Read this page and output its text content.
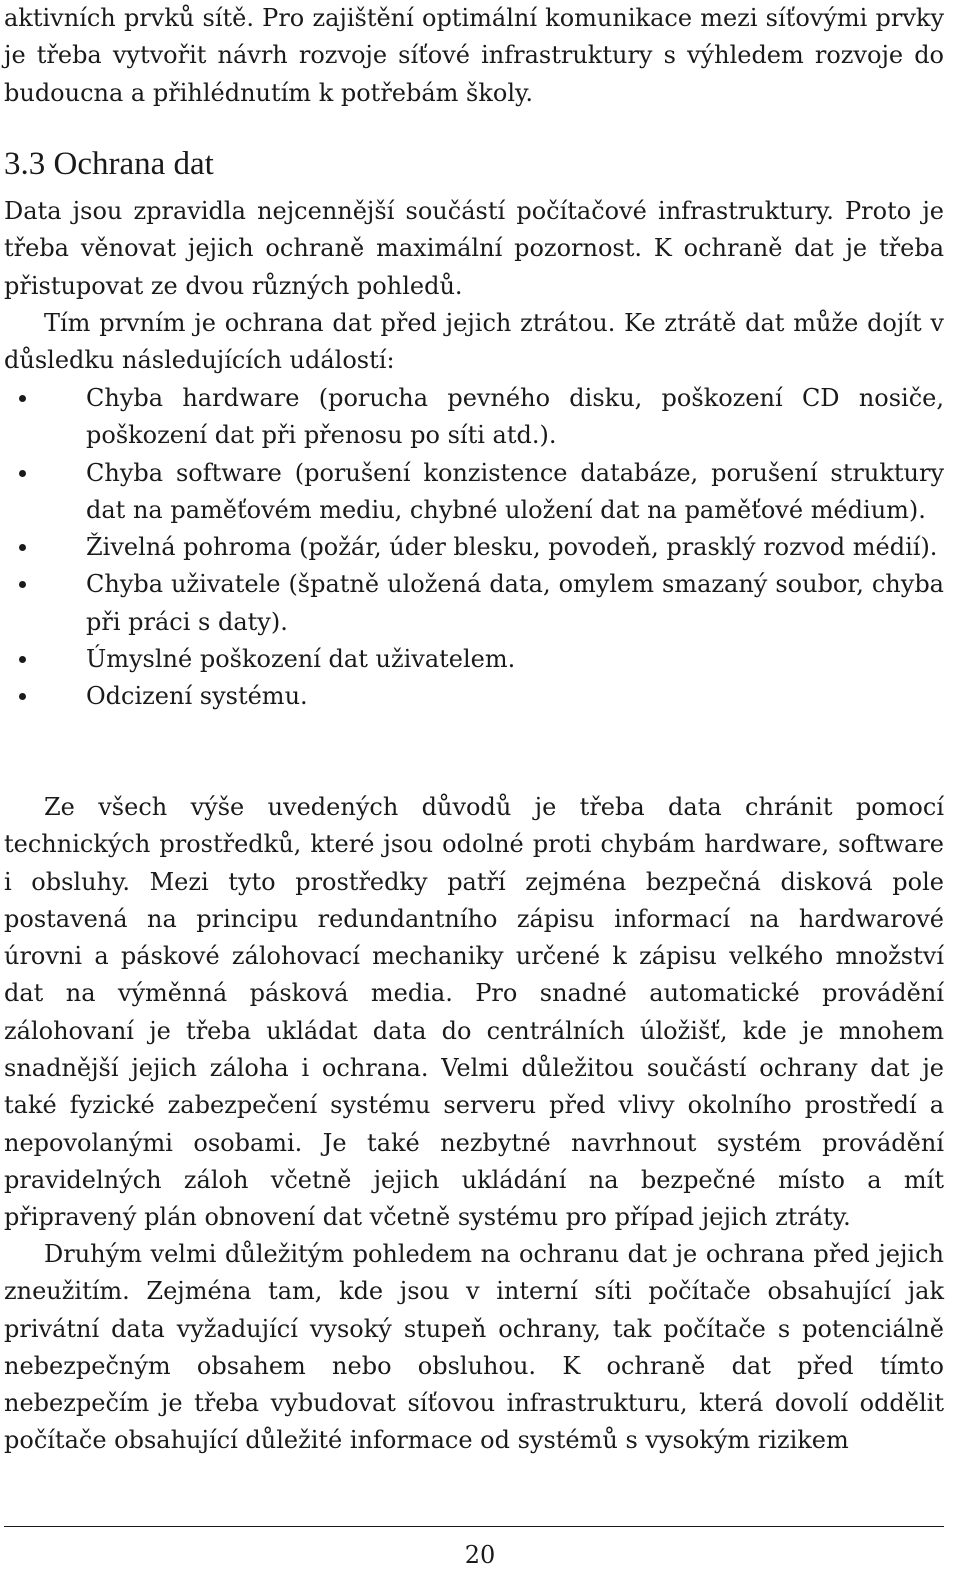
aktivních prvků sítě. Pro zajištění optimální komunikace mezi síťovými prvky je třeba vytvořit návrh rozvoje síťové infrastruktury s výhledem rozvoje do budoucna a přihlédnutím k potřebám školy.

3.3 Ochrana dat

Data jsou zpravidla nejcennější součástí počítačové infrastruktury. Proto je třeba věnovat jejich ochraně maximální pozornost. K ochraně dat je třeba přistupovat ze dvou různých pohledů.

Tím prvním je ochrana dat před jejich ztrátou. Ke ztrátě dat může dojít v důsledku následujících událostí:

Chyba hardware (porucha pevného disku, poškození CD nosiče, poškození dat při přenosu po síti atd.).
Chyba software (porušení konzistence databáze, porušení struktury dat na paměťovém mediu, chybné uložení dat na paměťové médium).
Živelná pohroma (požár, úder blesku, povodeň, prasklý rozvod médií).
Chyba uživatele (špatně uložená data, omylem smazaný soubor, chyba při práci s daty).
Úmyslné poškození dat uživatelem.
Odcizení systému.

Ze všech výše uvedených důvodů je třeba data chránit pomocí technických prostředků, které jsou odolné proti chybám hardware, software i obsluhy. Mezi tyto prostředky patří zejména bezpečná disková pole postavená na principu redundantního zápisu informací na hardwarové úrovni a páskové zálohovací mechaniky určené k zápisu velkého množství dat na výměnná pásková media. Pro snadné automatické provádění zálohovaní je třeba ukládat data do centrálních úložišť, kde je mnohem snadnější jejich záloha i ochrana. Velmi důležitou součástí ochrany dat je také fyzické zabezpečení systému serveru před vlivy okolního prostředí a nepovolanými osobami. Je také nezbytné navrhnout systém provádění pravidelných záloh včetně jejich ukládání na bezpečné místo a mít připravený plán obnovení dat včetně systému pro případ jejich ztráty.

Druhým velmi důležitým pohledem na ochranu dat je ochrana před jejich zneužitím. Zejména tam, kde jsou v interní síti počítače obsahující jak privátní data vyžadující vysoký stupeň ochrany, tak počítače s potenciálně nebezpečným obsahem nebo obsluhou. K ochraně dat před tímto nebezpečím je třeba vybudovat síťovou infrastrukturu, která dovolí oddělit počítače obsahující důležité informace od systémů s vysokým rizikem

20
